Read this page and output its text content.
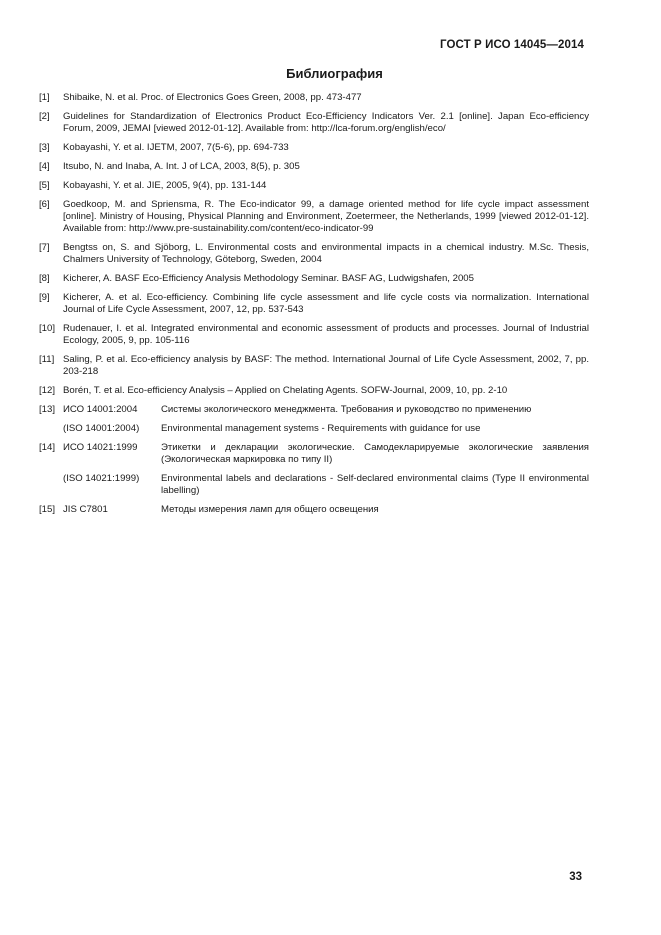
ГОСТ Р ИСО 14045—2014
Библиография
[1]	Shibaike, N. et al. Proc. of Electronics Goes Green, 2008, pp. 473-477
[2]	Guidelines for Standardization of Electronics Product Eco-Efficiency Indicators Ver. 2.1 [online]. Japan Eco-efficiency Forum, 2009, JEMAI [viewed 2012-01-12]. Available from: http://lca-forum.org/english/eco/
[3]	Kobayashi, Y. et al. IJETM, 2007, 7(5-6), pp. 694-733
[4]	Itsubo, N. and Inaba, A. Int. J of LCA, 2003, 8(5), p. 305
[5]	Kobayashi, Y. et al. JIE, 2005, 9(4), pp. 131-144
[6]	Goedkoop, M. and Spriensma, R. The Eco-indicator 99, a damage oriented method for life cycle impact assessment [online]. Ministry of Housing, Physical Planning and Environment, Zoetermeer, the Netherlands, 1999 [viewed 2012-01-12]. Available from: http://www.pre-sustainability.com/content/eco-indicator-99
[7]	Bengtss on, S. and Sjöborg, L. Environmental costs and environmental impacts in a chemical industry. M.Sc. Thesis, Chalmers University of Technology, Göteborg, Sweden, 2004
[8]	Kicherer, A. BASF Eco-Efficiency Analysis Methodology Seminar. BASF AG, Ludwigshafen, 2005
[9]	Kicherer, A. et al. Eco-efficiency. Combining life cycle assessment and life cycle costs via normalization. International Journal of Life Cycle Assessment, 2007, 12, pp. 537-543
[10] Rudenauer, I. et al. Integrated environmental and economic assessment of products and processes. Journal of Industrial Ecology, 2005, 9, pp. 105-116
[11] Saling, P. et al. Eco-efficiency analysis by BASF: The method. International Journal of Life Cycle Assessment, 2002, 7, pp. 203-218
[12] Borén, T. et al. Eco-efficiency Analysis – Applied on Chelating Agents. SOFW-Journal, 2009, 10, pp. 2-10
[13] ИСО 14001:2004	Системы экологического менеджмента. Требования и руководство по применению
(ISO 14001:2004)	Environmental management systems - Requirements with guidance for use
[14] ИСО 14021:1999	Этикетки и декларации экологические. Самодекларируемые экологические заявления (Экологическая маркировка по типу II)
(ISO 14021:1999)	Environmental labels and declarations - Self-declared environmental claims (Type II environmental labelling)
[15] JIS C7801	Методы измерения ламп для общего освещения
33
